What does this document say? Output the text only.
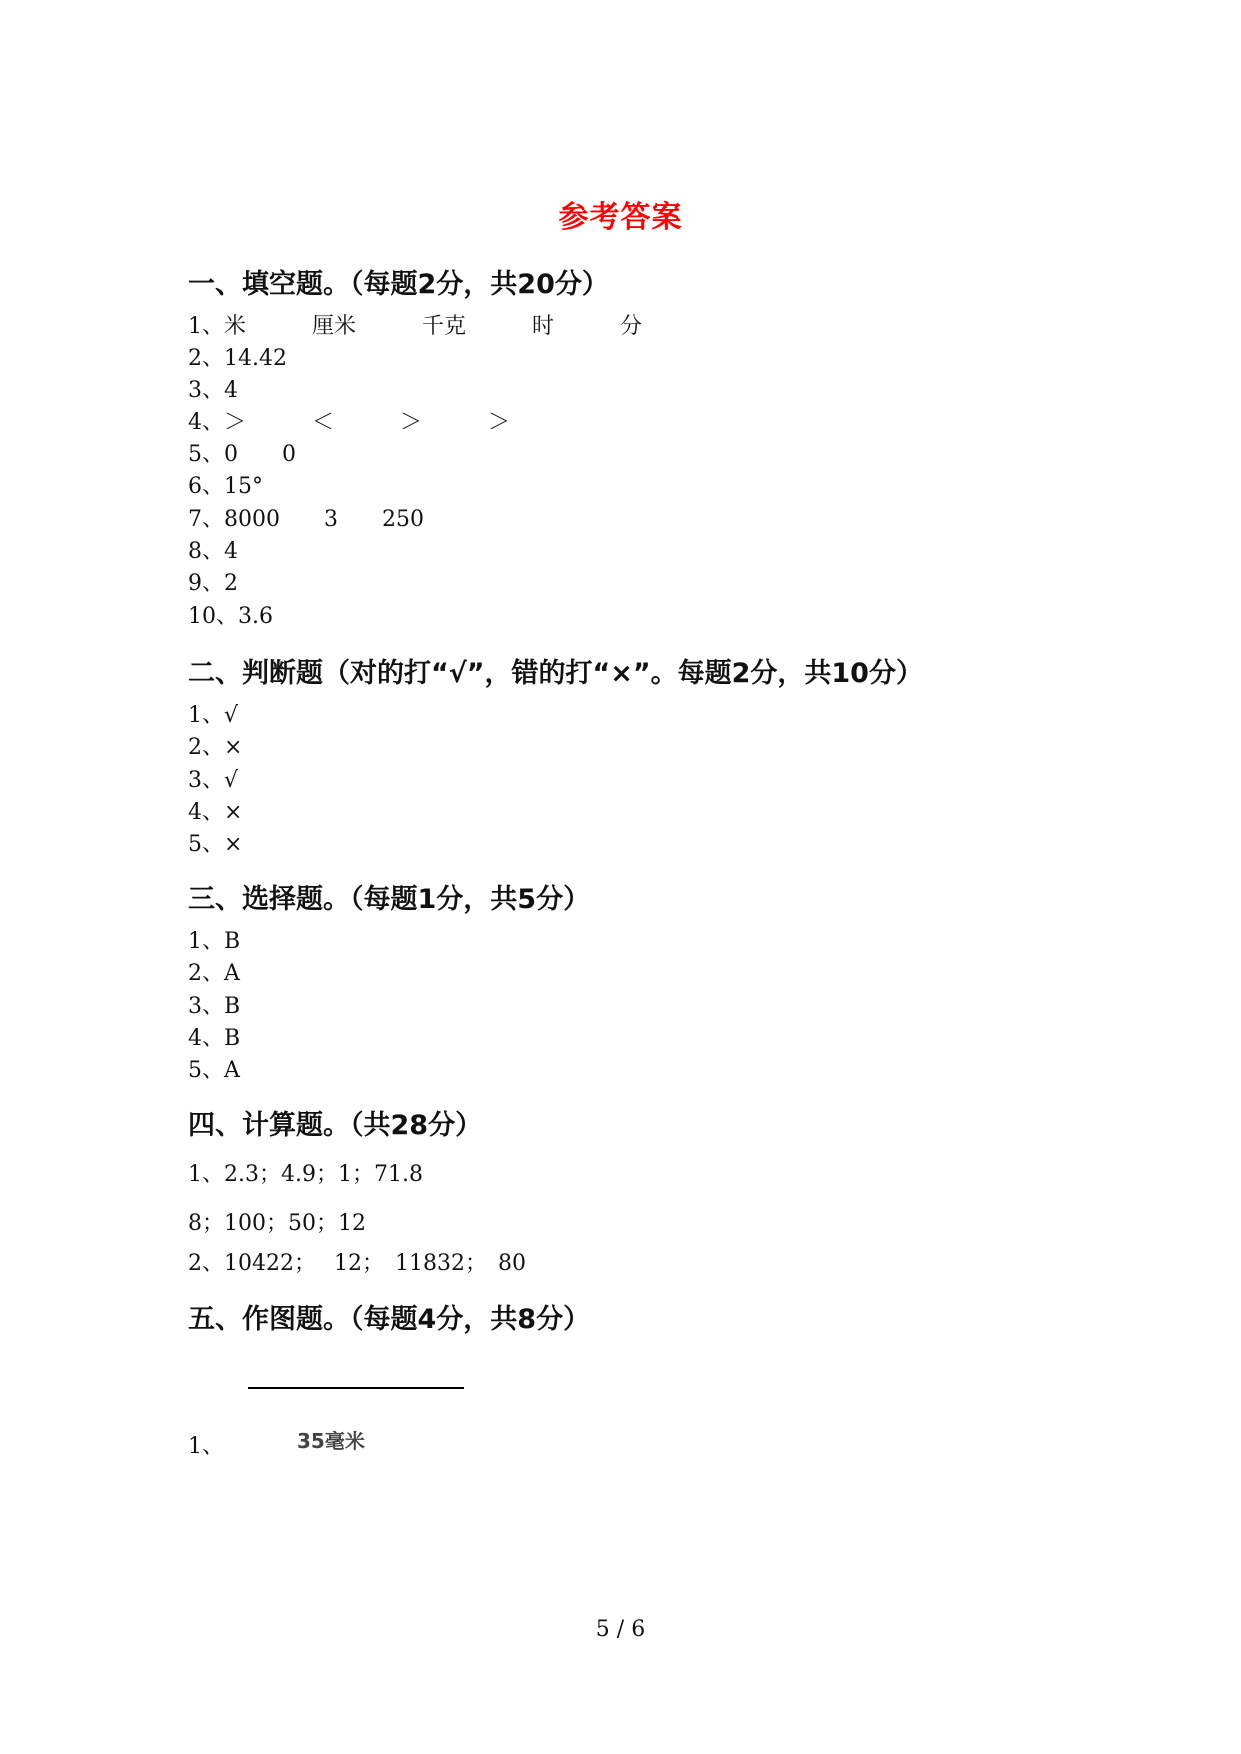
参考答案
一、填空题。（每题2分，共20分）
1、米　　　厘米　　　千克　　　时　　　分
2、14.42
3、4
4、＞　　　＜　　　＞　　　＞
5、0　　0
6、15°
7、8000　　3　　250
8、4
9、2
10、3.6
二、判断题（对的打“√”，错的打“×”。每题2分，共10分）
1、√
2、×
3、√
4、×
5、×
三、选择题。（每题1分，共5分）
1、B
2、A
3、B
4、B
5、A
四、计算题。（共28分）
1、2.3；4.9；1；71.8
8；100；50；12
2、10422；　 12；　11832；　80
五、作图题。（每题4分，共8分）
35毫米
1、
5 / 6
